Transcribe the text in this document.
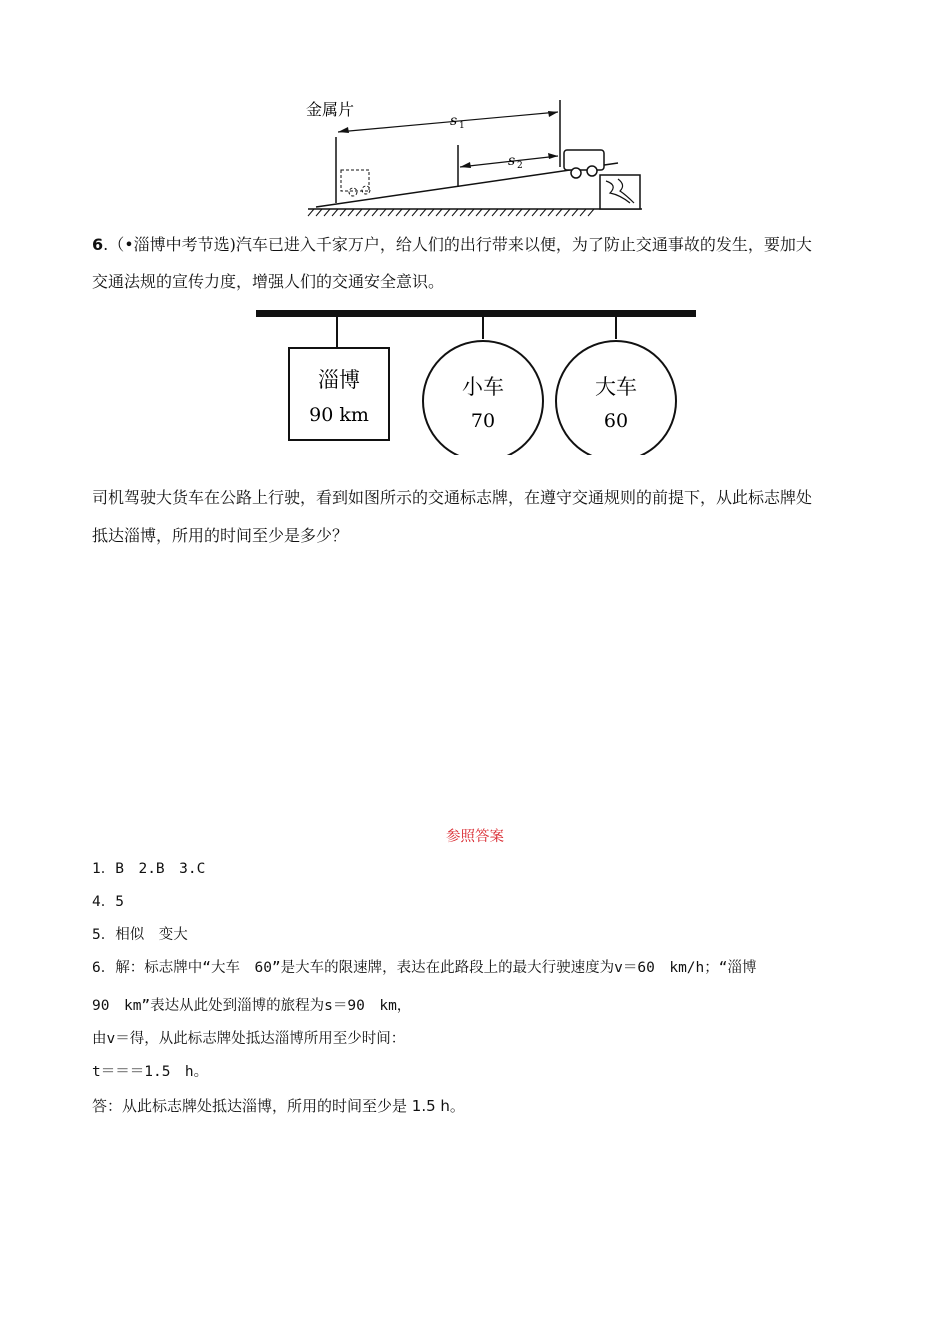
金属片
s 1
s 2
6.（•淄博中考节选)汽车已进入千家万户，给人们的出行带来以便，为了防止交通事故的发生，要加大
交通法规的宣传力度，增强人们的交通安全意识。
淄博
90 km
小车
70
大车
60
司机驾驶大货车在公路上行驶，看到如图所示的交通标志牌，在遵守交通规则的前提下，从此标志牌处
抵达淄博，所用的时间至少是多少？
参照答案
1．B　2.B　3.C
4．5
5．相似　变大
6．解：标志牌中“大车　60”是大车的限速牌，表达在此路段上的最大行驶速度为v＝60　km/h；“淄博
90　km”表达从此处到淄博的旅程为s＝90　km，
由v＝得，从此标志牌处抵达淄博所用至少时间：
t＝＝＝1.5　h。
答：从此标志牌处抵达淄博，所用的时间至少是 1.5 h。
